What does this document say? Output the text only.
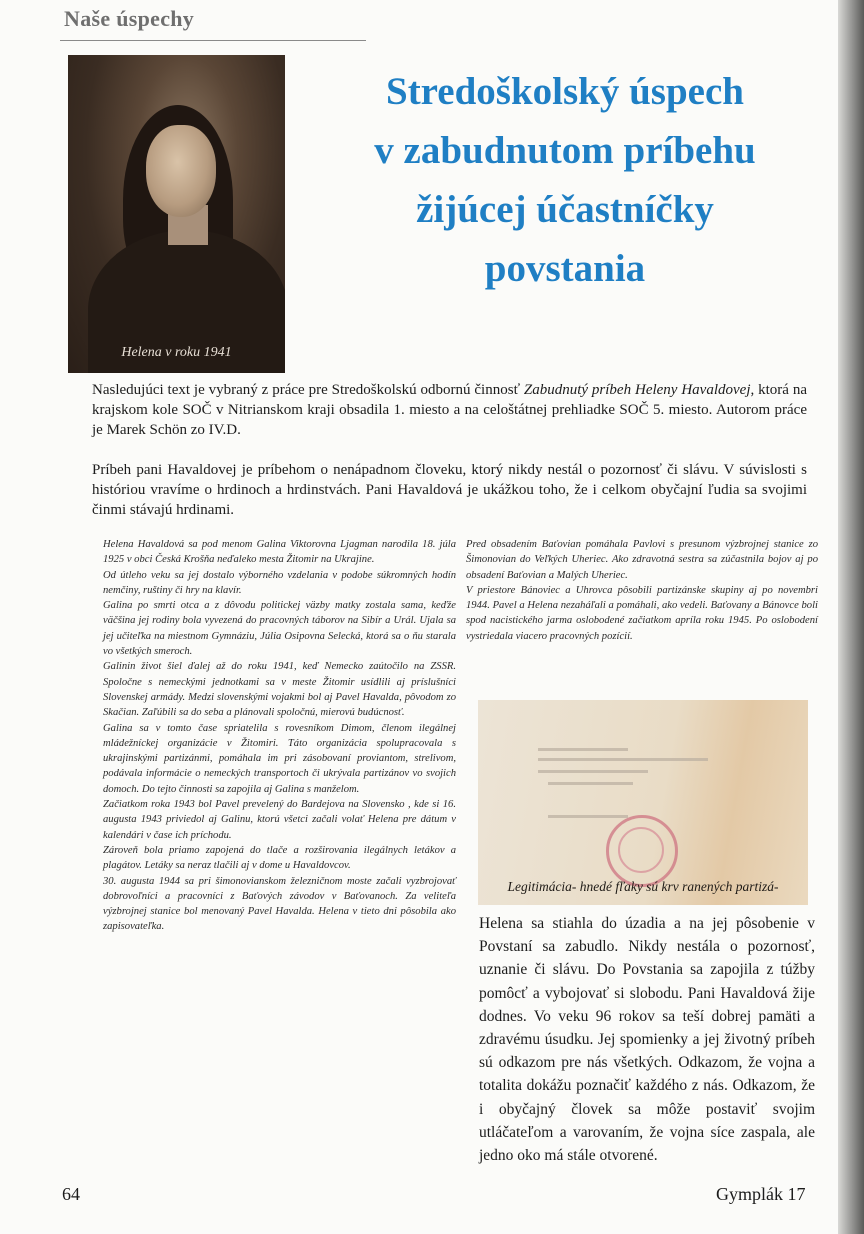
Naše úspechy
Helena v roku 1941
Stredoškolský úspech
v zabudnutom príbehu
žijúcej účastníčky
povstania
Nasledujúci text je vybraný z práce pre Stredoškolskú odbornú činnosť Zabudnutý príbeh Heleny Havaldovej, ktorá na krajskom kole SOČ v Nitrianskom kraji obsadila 1. miesto a na celoštátnej prehliadke SOČ 5. miesto. Autorom práce je Marek Schön zo IV.D.
Príbeh pani Havaldovej je príbehom o nenápadnom človeku, ktorý nikdy nestál o pozornosť či slávu. V súvislosti s históriou vravíme o hrdinoch a hrdinstvách. Pani Havaldová je ukážkou toho, že i celkom obyčajní ľudia sa svojimi činmi stávajú hrdinami.

Helena Havaldová sa pod menom Galina Viktorovna Ljagman narodila 18. júla 1925 v obci Česká Krošňa neďaleko mesta Žitomir na Ukrajine.

Od útleho veku sa jej dostalo výborného vzdelania v podobe súkromných hodín nemčiny, ruštiny či hry na klavír.

Galina po smrti otca a z dôvodu politickej väzby matky zostala sama, keďže väčšina jej rodiny bola vyvezená do pracovných táborov na Sibír a Urál. Ujala sa jej učiteľka na miestnom Gymnáziu, Júlia Osipovna Selecká, ktorá sa o ňu starala vo všetkých smeroch.

Galinin život šiel ďalej až do roku 1941, keď Nemecko zaútočilo na ZSSR. Spoločne s nemeckými jednotkami sa v meste Žitomir usídlili aj príslušníci Slovenskej armády. Medzi slovenskými vojakmi bol aj Pavel Havalda, pôvodom zo Skačian. Zaľúbili sa do seba a plánovali spoločnú, mierovú budúcnosť.

Galina sa v tomto čase spriatelila s rovesníkom Dimom, členom ilegálnej mládežníckej organizácie v Žitomiri. Táto organizácia spolupracovala s ukrajinskými partizánmi, pomáhala im pri zásobovaní proviantom, strelivom, podávala informácie o nemeckých transportoch či ukrývala partizánov vo svojich domoch. Do tejto činnosti sa zapojila aj Galina s manželom.

Začiatkom roka 1943 bol Pavel prevelený do Bardejova na Slovensko , kde si 16. augusta 1943 priviedol aj Galinu, ktorú všetci začali volať Helena pre dátum v kalendári v čase ich príchodu.

Zároveň bola priamo zapojená do tlače a rozširovania ilegálnych letákov a plagátov. Letáky sa neraz tlačili aj v dome u Havaldovcov.

30. augusta 1944 sa pri šimonovianskom železničnom moste začali vyzbrojovať dobrovoľníci a pracovníci z Baťových závodov v Baťovanoch. Za veliteľa výzbrojnej stanice bol menovaný Pavel Havalda. Helena v tieto dni pôsobila ako zapisovateľka.

Pred obsadením Baťovian pomáhala Pavlovi s presunom výzbrojnej stanice zo Šimonovian do Veľkých Uheriec. Ako zdravotná sestra sa zúčastnila bojov aj po obsadení Baťovian a Malých Uheriec.

V priestore Bánoviec a Uhrovca pôsobili partizánske skupiny aj po novembri 1944. Pavel a Helena nezaháľali a pomáhali, ako vedeli. Baťovany a Bánovce boli spod nacistického jarma oslobodené začiatkom apríla roku 1945. Po oslobodení vystriedala viacero pracovných pozícií.

Legitimácia- hnedé fľaky sú krv ranených partizá-
Helena sa stiahla do úzadia a na jej pôsobenie v Povstaní sa zabudlo. Nikdy nestála o pozornosť, uznanie či slávu. Do Povstania sa zapojila z túžby pomôcť a vybojovať si slobodu. Pani Havaldová žije dodnes. Vo veku 96 rokov sa teší dobrej pamäti a zdravému úsudku. Jej spomienky a jej životný príbeh sú odkazom pre nás všetkých. Odkazom, že vojna a totalita dokážu poznačiť každého z nás. Odkazom, že i obyčajný človek sa môže postaviť svojim utláčateľom a varovaním, že vojna síce zaspala, ale jedno oko má stále otvorené.
64	Gymplák 17
